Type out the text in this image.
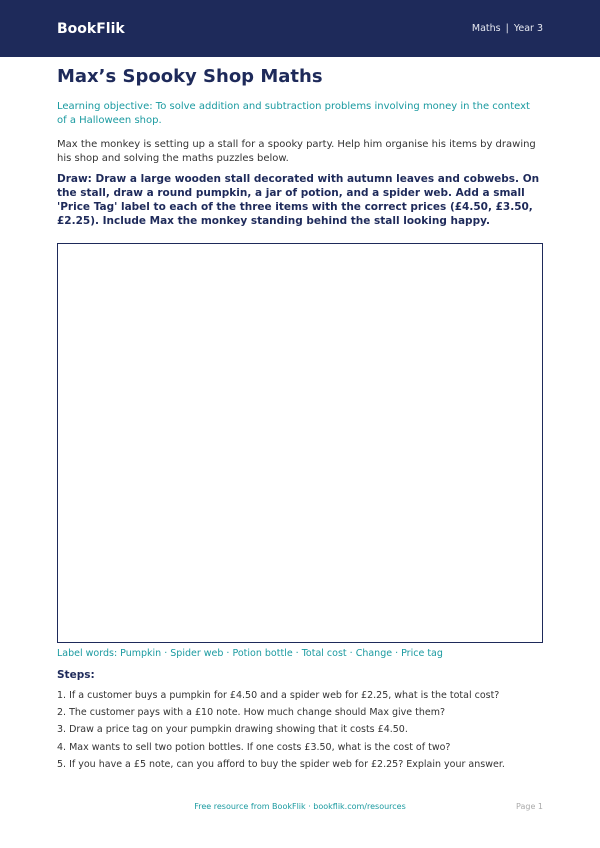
BookFlik	Maths | Year 3
Max’s Spooky Shop Maths

Learning objective: To solve addition and subtraction problems involving money in the context of a Halloween shop.

Max the monkey is setting up a stall for a spooky party. Help him organise his items by drawing his shop and solving the maths puzzles below.

Draw: Draw a large wooden stall decorated with autumn leaves and cobwebs. On the stall, draw a round pumpkin, a jar of potion, and a spider web. Add a small 'Price Tag' label to each of the three items with the correct prices (£4.50, £3.50, £2.25). Include Max the monkey standing behind the stall looking happy.

Label words: Pumpkin · Spider web · Potion bottle · Total cost · Change · Price tag

Steps:

1. If a customer buys a pumpkin for £4.50 and a spider web for £2.25, what is the total cost?
2. The customer pays with a £10 note. How much change should Max give them?
3. Draw a price tag on your pumpkin drawing showing that it costs £4.50.
4. Max wants to sell two potion bottles. If one costs £3.50, what is the cost of two?
5. If you have a £5 note, can you afford to buy the spider web for £2.25? Explain your answer.
Free resource from BookFlik · bookflik.com/resources	Page 1
